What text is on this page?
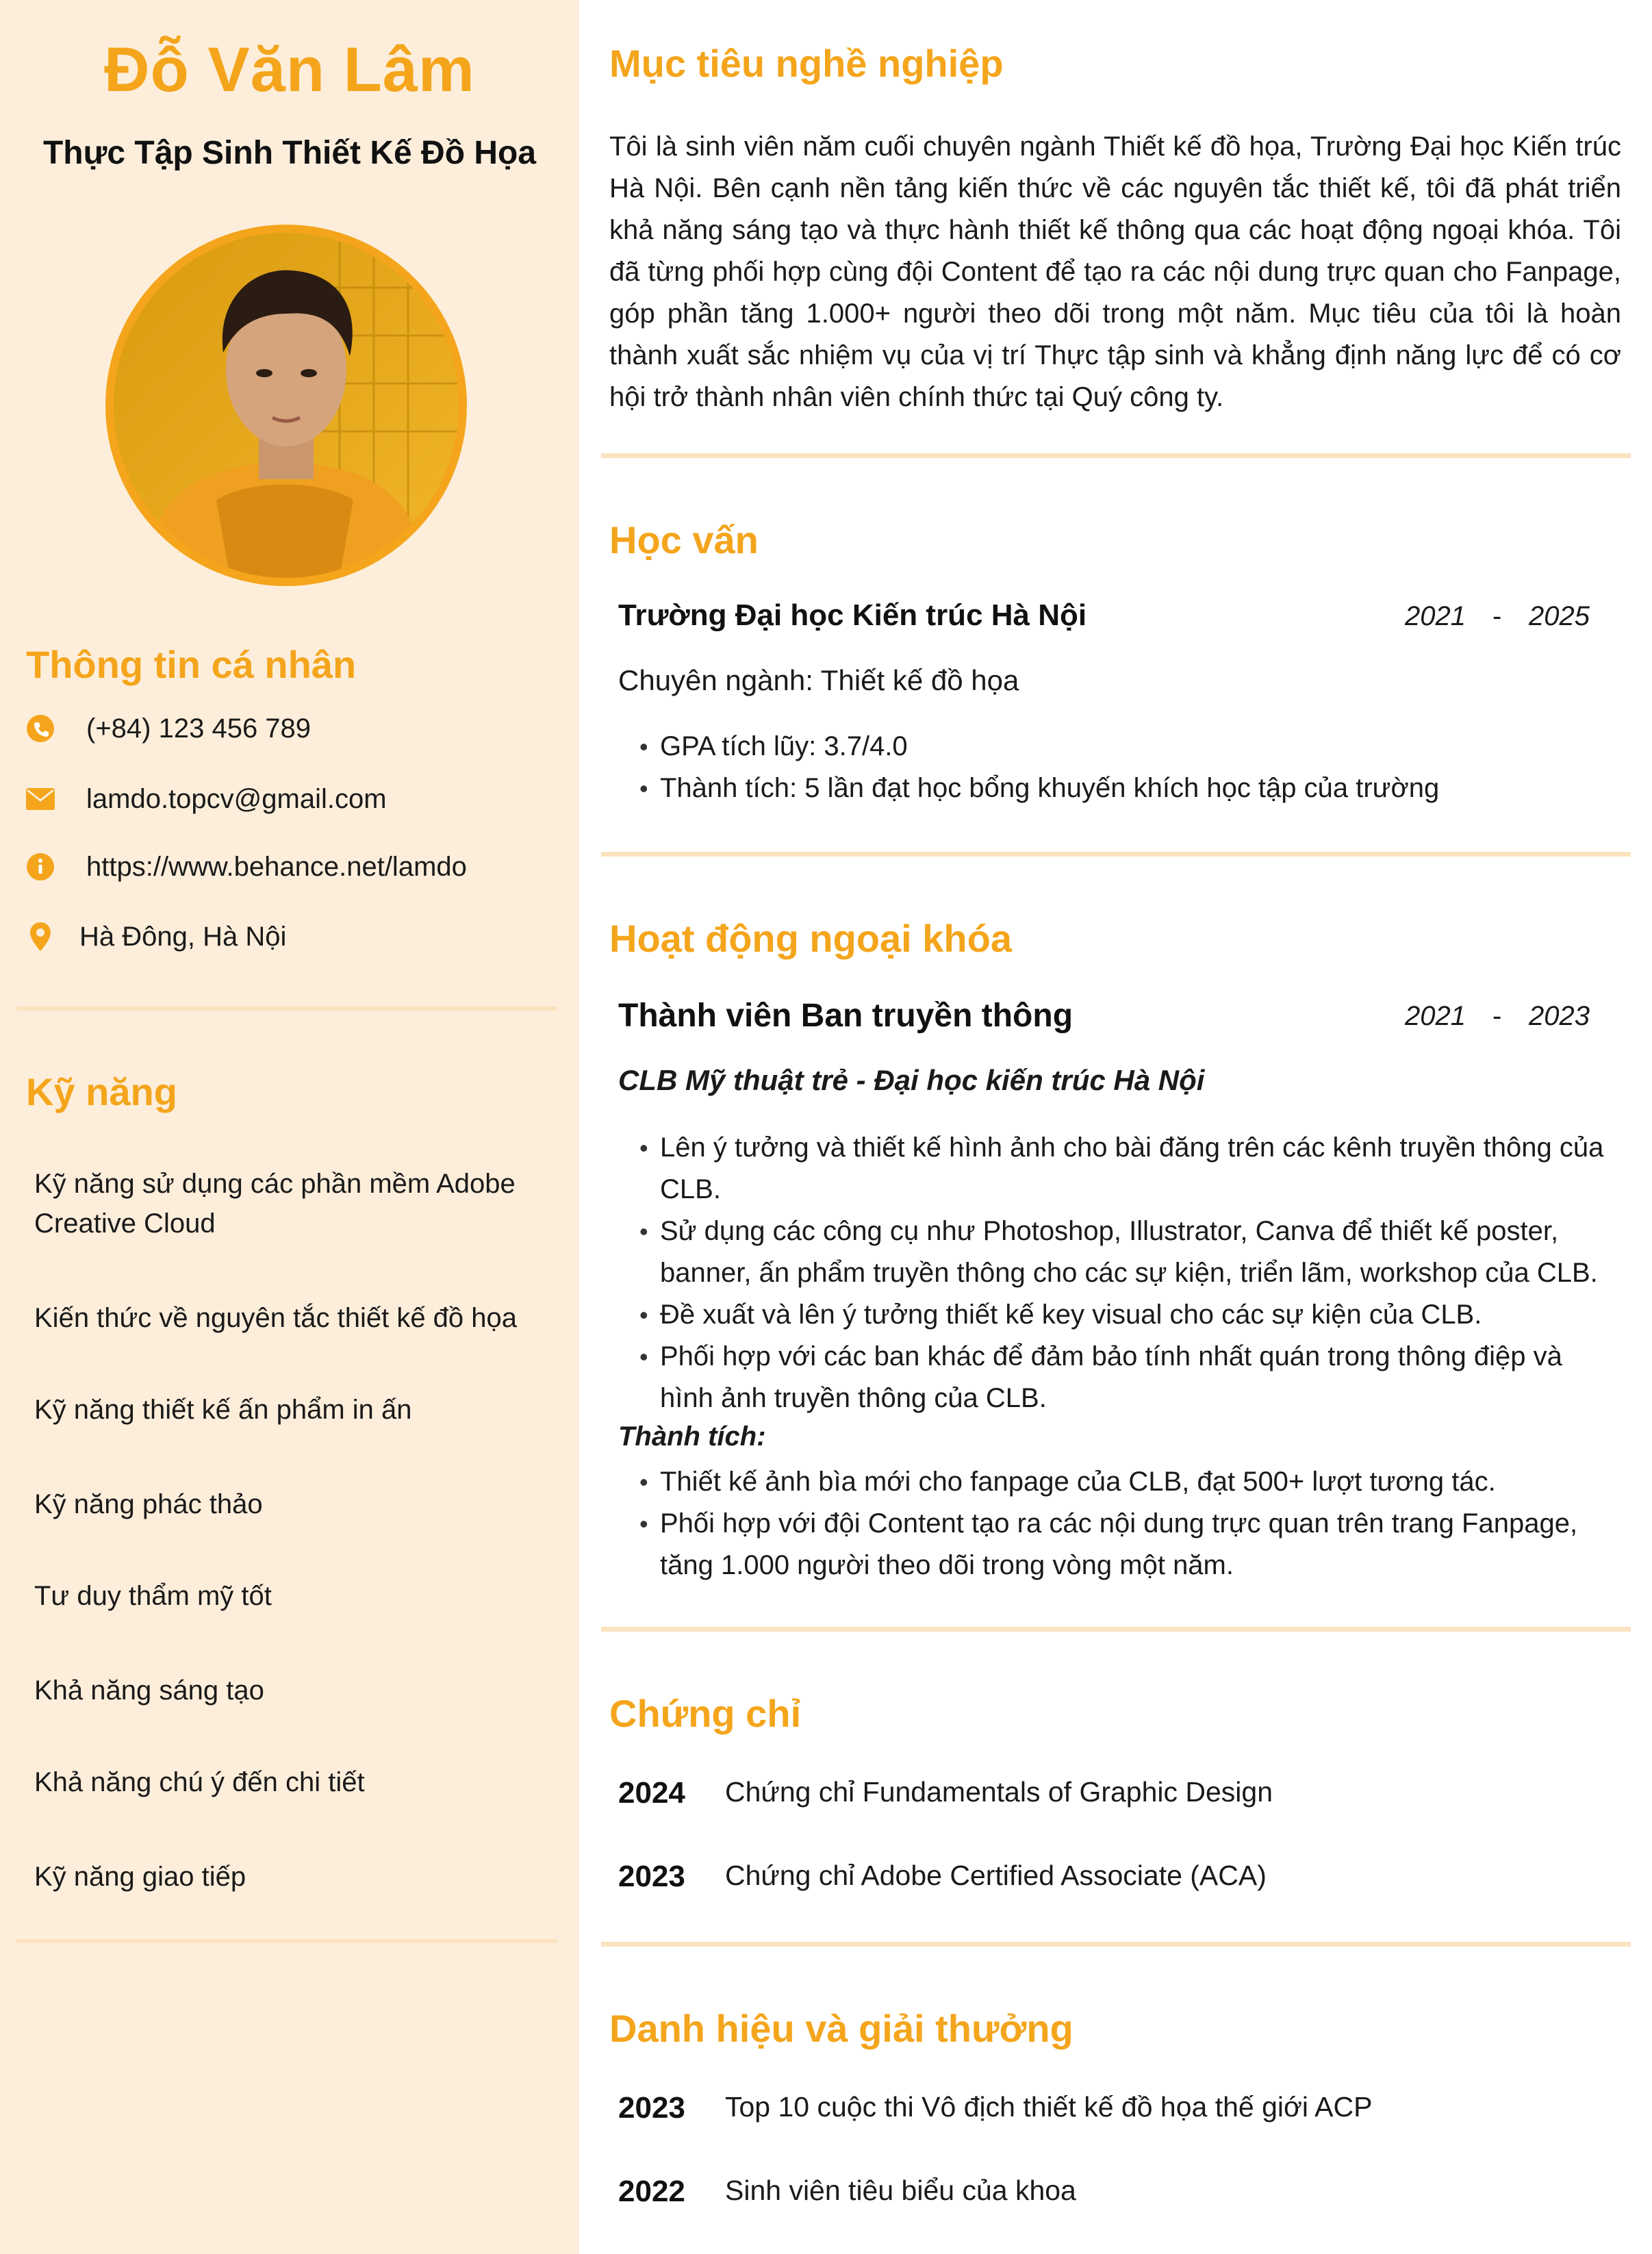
Đỗ Văn Lâm
Thực Tập Sinh Thiết Kế Đồ Họa
Thông tin cá nhân
(+84) 123 456 789
lamdo.topcv@gmail.com
https://www.behance.net/lamdo
Hà Đông, Hà Nội
Kỹ năng
Kỹ năng sử dụng các phần mềm Adobe Creative Cloud
Kiến thức về nguyên tắc thiết kế đồ họa
Kỹ năng thiết kế ấn phẩm in ấn
Kỹ năng phác thảo
Tư duy thẩm mỹ tốt
Khả năng sáng tạo
Khả năng chú ý đến chi tiết
Kỹ năng giao tiếp
Mục tiêu nghề nghiệp
Tôi là sinh viên năm cuối chuyên ngành Thiết kế đồ họa, Trường Đại học Kiến trúc Hà Nội. Bên cạnh nền tảng kiến thức về các nguyên tắc thiết kế, tôi đã phát triển khả năng sáng tạo và thực hành thiết kế thông qua các hoạt động ngoại khóa. Tôi đã từng phối hợp cùng đội Content để tạo ra các nội dung trực quan cho Fanpage, góp phần tăng 1.000+ người theo dõi trong một năm. Mục tiêu của tôi là hoàn thành xuất sắc nhiệm vụ của vị trí Thực tập sinh và khẳng định năng lực để có cơ hội trở thành nhân viên chính thức tại Quý công ty.
Học vấn
Trường Đại học Kiến trúc Hà Nội	2021 - 2025
Chuyên ngành: Thiết kế đồ họa
• GPA tích lũy: 3.7/4.0
• Thành tích: 5 lần đạt học bổng khuyến khích học tập của trường
Hoạt động ngoại khóa
Thành viên Ban truyền thông	2021 - 2023
CLB Mỹ thuật trẻ - Đại học kiến trúc Hà Nội
• Lên ý tưởng và thiết kế hình ảnh cho bài đăng trên các kênh truyền thông của CLB.
• Sử dụng các công cụ như Photoshop, Illustrator, Canva để thiết kế poster, banner, ấn phẩm truyền thông cho các sự kiện, triển lãm, workshop của CLB.
• Đề xuất và lên ý tưởng thiết kế key visual cho các sự kiện của CLB.
• Phối hợp với các ban khác để đảm bảo tính nhất quán trong thông điệp và hình ảnh truyền thông của CLB.
Thành tích:
• Thiết kế ảnh bìa mới cho fanpage của CLB, đạt 500+ lượt tương tác.
• Phối hợp với đội Content tạo ra các nội dung trực quan trên trang Fanpage, tăng 1.000 người theo dõi trong vòng một năm.
Chứng chỉ
2024 Chứng chỉ Fundamentals of Graphic Design
2023 Chứng chỉ Adobe Certified Associate (ACA)
Danh hiệu và giải thưởng
2023 Top 10 cuộc thi Vô địch thiết kế đồ họa thế giới ACP
2022 Sinh viên tiêu biểu của khoa
